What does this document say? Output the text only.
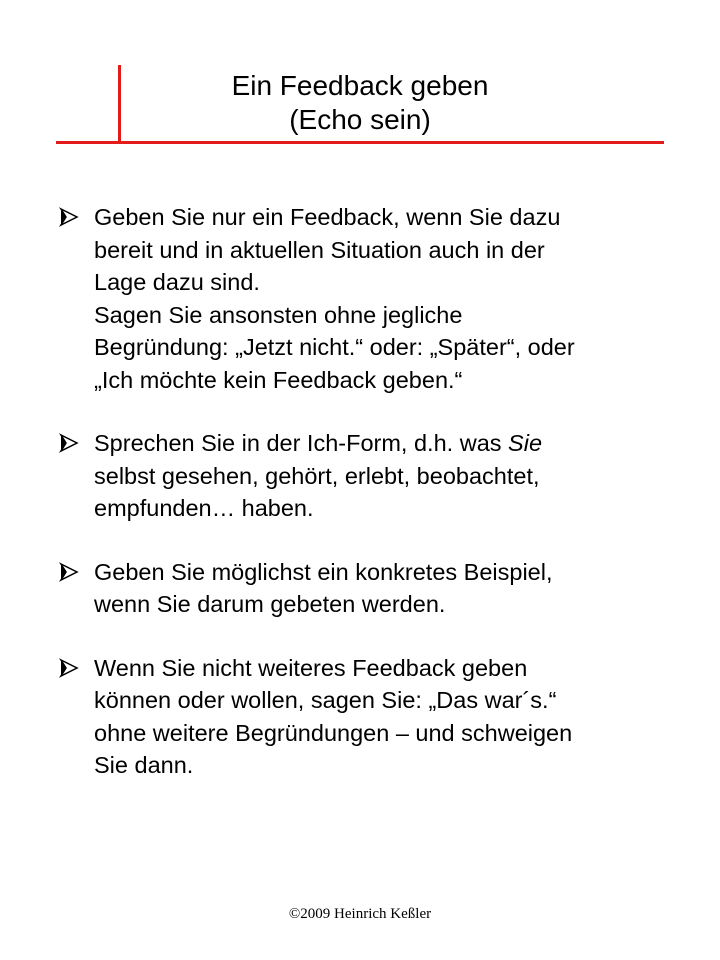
Ein Feedback geben
(Echo sein)
Geben Sie nur ein Feedback, wenn Sie dazu
bereit und in aktuellen Situation auch in der
Lage dazu sind.
Sagen Sie ansonsten ohne jegliche
Begründung: „Jetzt nicht.“ oder: „Später“, oder
„Ich möchte kein Feedback geben.“
Sprechen Sie in der Ich-Form, d.h. was Sie
selbst gesehen, gehört, erlebt, beobachtet,
empfunden… haben.
Geben Sie möglichst ein konkretes Beispiel,
wenn Sie darum gebeten werden.
Wenn Sie nicht weiteres Feedback geben
können oder wollen, sagen Sie: „Das war´s.“
ohne weitere Begründungen – und schweigen
Sie dann.
©2009 Heinrich Keßler
